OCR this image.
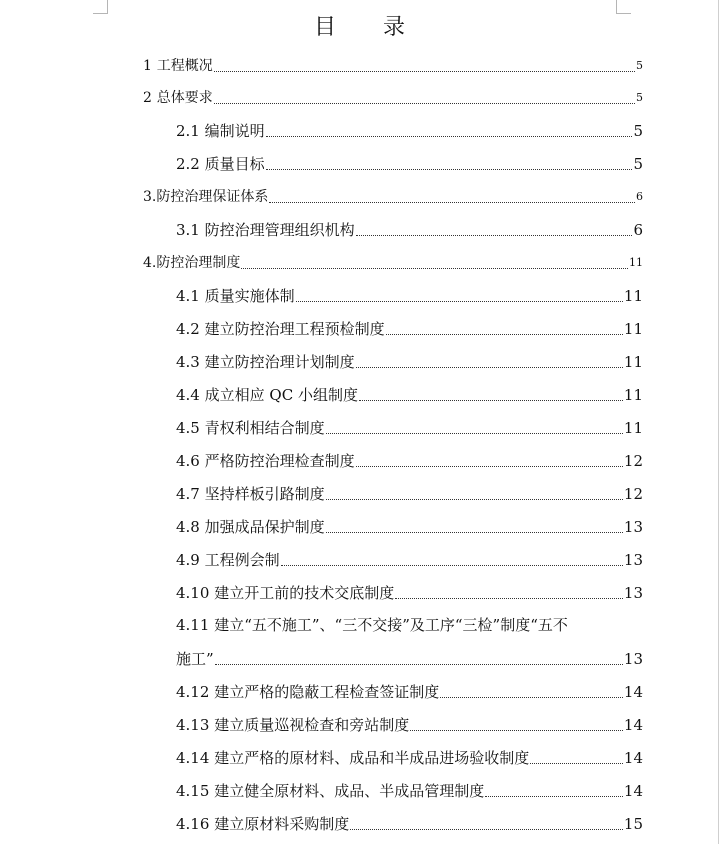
目 录
1 工程概况	5
2 总体要求	5
2.1 编制说明	5
2.2 质量目标	5
3.防控治理保证体系	6
3.1 防控治理管理组织机构	6
4.防控治理制度	11
4.1 质量实施体制	11
4.2 建立防控治理工程预检制度	11
4.3 建立防控治理计划制度	11
4.4 成立相应 QC 小组制度	11
4.5 青权利相结合制度	11
4.6 严格防控治理检查制度	12
4.7 坚持样板引路制度	12
4.8 加强成品保护制度	13
4.9 工程例会制	13
4.10 建立开工前的技术交底制度	13
4.11 建立“五不施工”、“三不交接”及工序“三检”制度“五不
施工”	13
4.12 建立严格的隐蔽工程检查签证制度	14
4.13 建立质量巡视检查和旁站制度	14
4.14 建立严格的原材料、成品和半成品进场验收制度	14
4.15 建立健全原材料、成品、半成品管理制度	14
4.16 建立原材料采购制度	15
